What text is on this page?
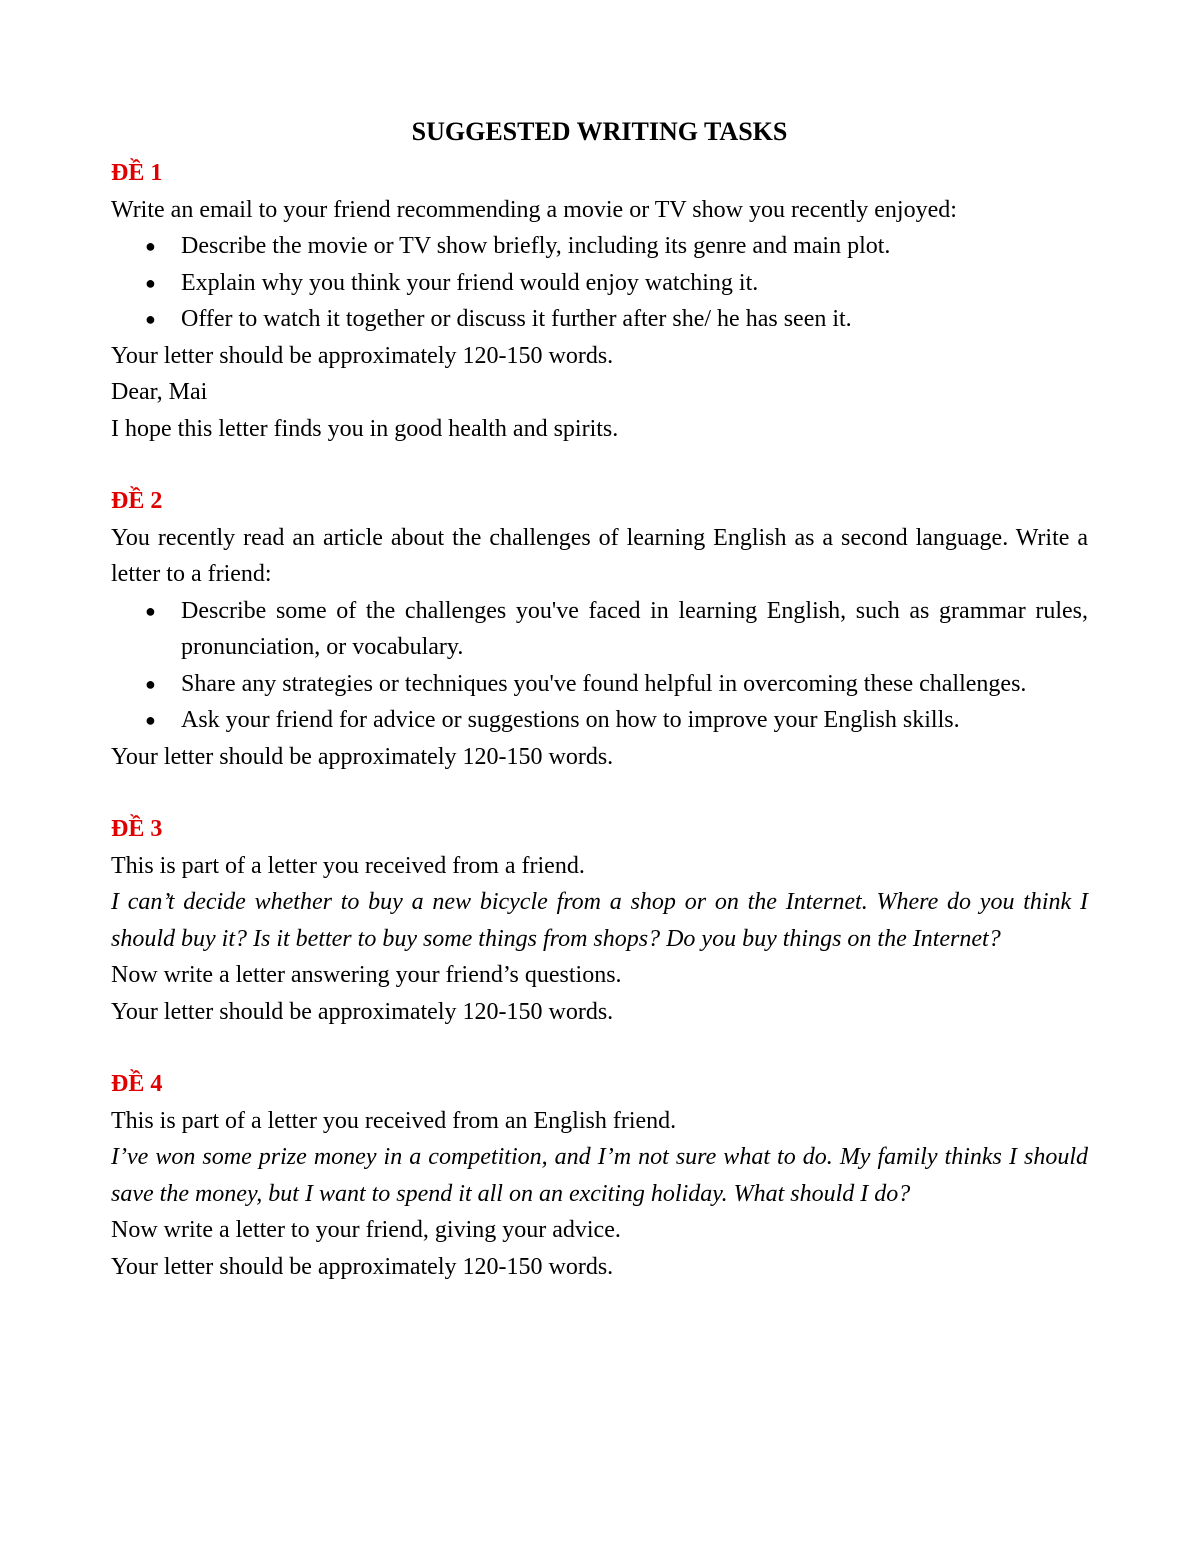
SUGGESTED WRITING TASKS

ĐỀ 1

Write an email to your friend recommending a movie or TV show you recently enjoyed:

● Describe the movie or TV show briefly, including its genre and main plot.
● Explain why you think your friend would enjoy watching it.
● Offer to watch it together or discuss it further after she/ he has seen it.

Your letter should be approximately 120-150 words.

Dear, Mai

I hope this letter finds you in good health and spirits.

ĐỀ 2

You recently read an article about the challenges of learning English as a second language. Write a letter to a friend:

● Describe some of the challenges you've faced in learning English, such as grammar rules, pronunciation, or vocabulary.
● Share any strategies or techniques you've found helpful in overcoming these challenges.
● Ask your friend for advice or suggestions on how to improve your English skills.

Your letter should be approximately 120-150 words.

ĐỀ 3

This is part of a letter you received from a friend.

I can’t decide whether to buy a new bicycle from a shop or on the Internet. Where do you think I should buy it? Is it better to buy some things from shops? Do you buy things on the Internet?

Now write a letter answering your friend’s questions.

Your letter should be approximately 120-150 words.

ĐỀ 4

This is part of a letter you received from an English friend.

I’ve won some prize money in a competition, and I’m not sure what to do. My family thinks I should save the money, but I want to spend it all on an exciting holiday. What should I do?

Now write a letter to your friend, giving your advice.

Your letter should be approximately 120-150 words.
